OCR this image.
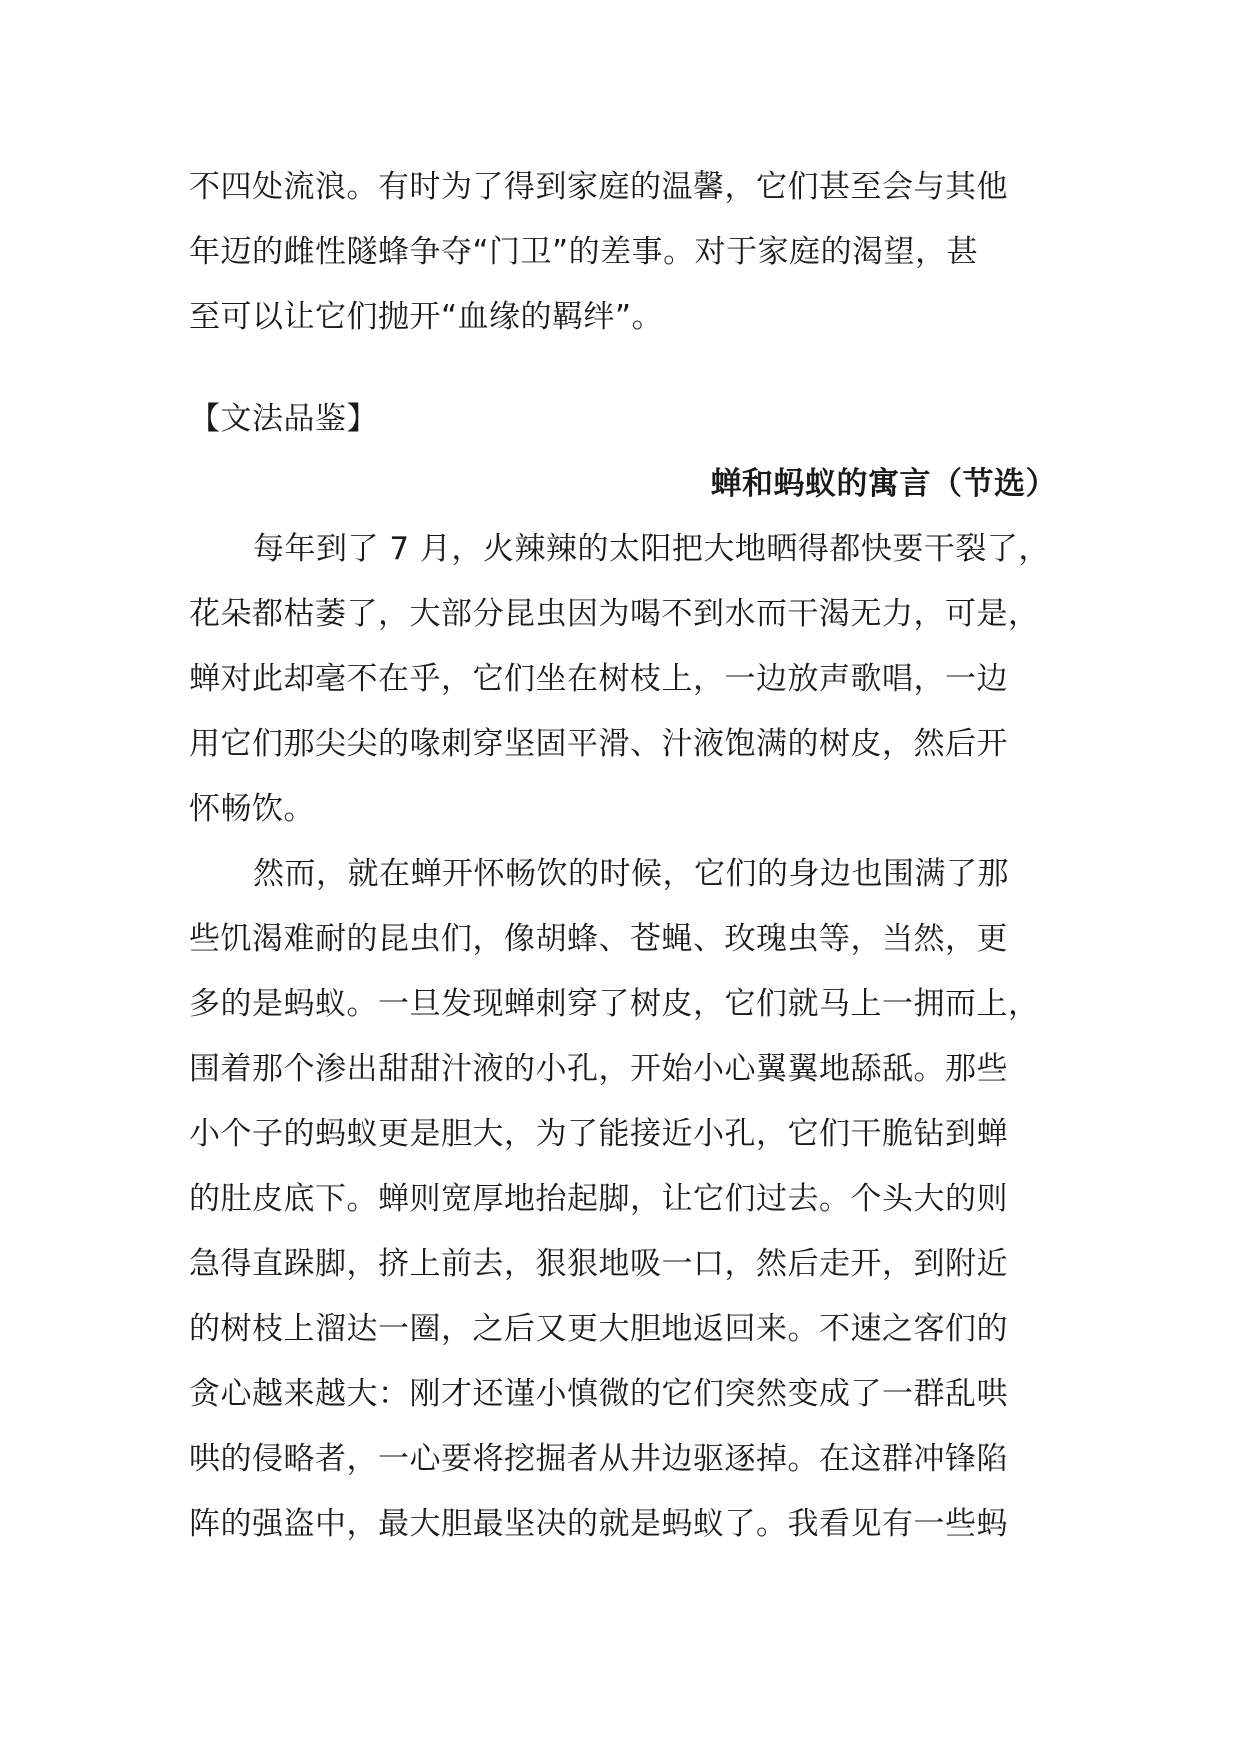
不四处流浪。有时为了得到家庭的温馨，它们甚至会与其他
年迈的雌性隧蜂争夺“门卫”的差事。对于家庭的渴望，甚
至可以让它们抛开“血缘的羁绊”。
【文法品鉴】
蝉和蚂蚁的寓言（节选）
每年到了 7 月，火辣辣的太阳把大地晒得都快要干裂了，
花朵都枯萎了，大部分昆虫因为喝不到水而干渴无力，可是，
蝉对此却毫不在乎，它们坐在树枝上，一边放声歌唱，一边
用它们那尖尖的喙刺穿坚固平滑、汁液饱满的树皮，然后开
怀畅饮。
然而，就在蝉开怀畅饮的时候，它们的身边也围满了那
些饥渴难耐的昆虫们，像胡蜂、苍蝇、玫瑰虫等，当然，更
多的是蚂蚁。一旦发现蝉刺穿了树皮，它们就马上一拥而上，
围着那个渗出甜甜汁液的小孔，开始小心翼翼地舔舐。那些
小个子的蚂蚁更是胆大，为了能接近小孔，它们干脆钻到蝉
的肚皮底下。蝉则宽厚地抬起脚，让它们过去。个头大的则
急得直跺脚，挤上前去，狠狠地吸一口，然后走开，到附近
的树枝上溜达一圈，之后又更大胆地返回来。不速之客们的
贪心越来越大：刚才还谨小慎微的它们突然变成了一群乱哄
哄的侵略者，一心要将挖掘者从井边驱逐掉。在这群冲锋陷
阵的强盗中，最大胆最坚决的就是蚂蚁了。我看见有一些蚂
